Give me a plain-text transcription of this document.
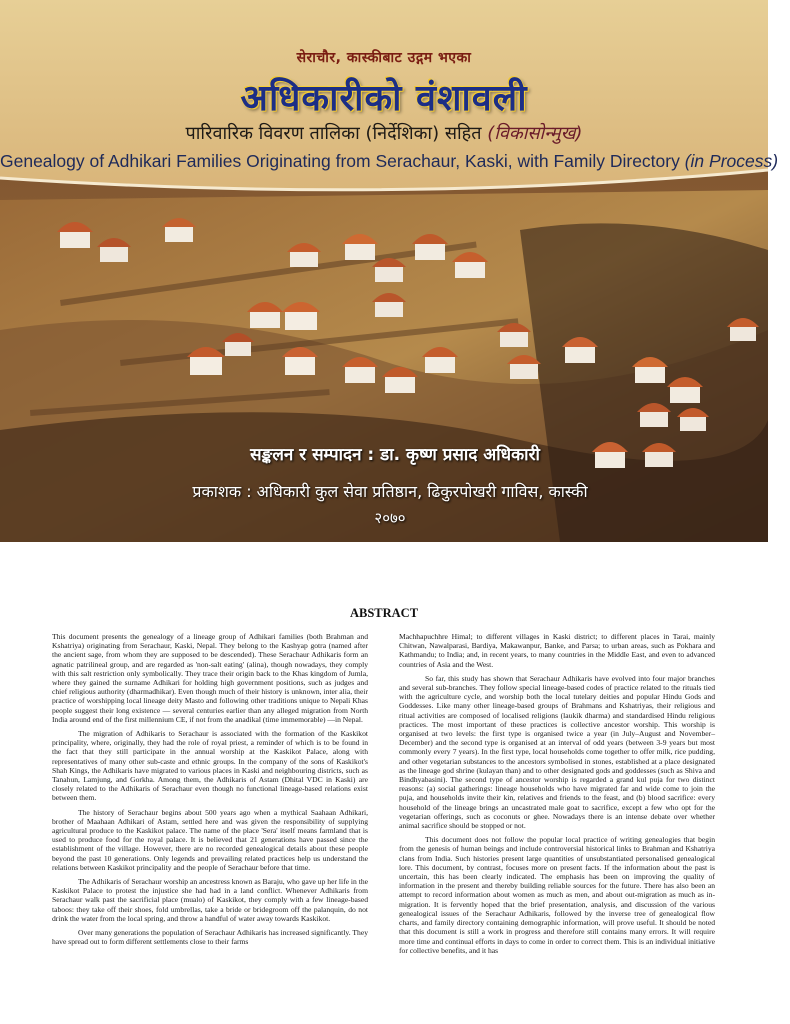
सेराचौर, कास्कीबाट उद्गम भएका
अधिकारीको वंशावली
पारिवारिक विवरण तालिका (निर्देशिका) सहित (विकासोन्मुख)
Genealogy of Adhikari Families Originating from Serachaur, Kaski, with Family Directory (in Process)
सङ्कलन र सम्पादन : डा. कृष्ण प्रसाद अधिकारी
प्रकाशक : अधिकारी कुल सेवा प्रतिष्ठान, ढिकुरपोखरी गाविस, कास्की
२०७०
ABSTRACT

This document presents the genealogy of a lineage group of Adhikari families (both Brahman and Kshatriya) originating from Serachaur, Kaski, Nepal. They belong to the Kashyap gotra (named after the ancient sage, from whom they are supposed to be descended). These Serachaur Adhikaris form an agnatic patrilineal group, and are regarded as 'non-salt eating' (alina), though nowadays, they comply with this salt restriction only symbolically. They trace their origin back to the Khas kingdom of Jumla, where they gained the surname Adhikari for holding high government positions, such as judges and chief religious authority (dharmadhikar). Even though much of their history is unknown, inter alia, their practice of worshipping local lineage deity Masto and following other traditions unique to Nepali Khas people suggest their long existence — several centuries earlier than any alleged migration from North India around end of the first millennium CE, if not from the anadikal (time immemorable) —in Nepal.

The migration of Adhikaris to Serachaur is associated with the formation of the Kaskikot principality, where, originally, they had the role of royal priest, a reminder of which is to be found in the fact that they still participate in the annual worship at the Kaskikot Palace, along with representatives of many other sub-caste and ethnic groups. In the company of the sons of Kaskikot's Shah Kings, the Adhikaris have migrated to various places in Kaski and neighbouring districts, such as Tanahun, Lamjung, and Gorkha. Among them, the Adhikaris of Astam (Dhital VDC in Kaski) are closely related to the Adhikaris of Serachaur even though no functional lineage-based relations exist between them.

The history of Serachaur begins about 500 years ago when a mythical Saahaan Adhikari, brother of Maahaan Adhikari of Astam, settled here and was given the responsibility of supplying agricultural produce to the Kaskikot palace. The name of the place 'Sera' itself means farmland that is used to produce food for the royal palace. It is believed that 21 generations have passed since the establishment of the village. However, there are no recorded genealogical details about these people beyond the past 10 generations. Only legends and prevailing related practices help us understand the relations between Kaskikot principality and the people of Serachaur before that time.

The Adhikaris of Serachaur worship an ancestress known as Baraju, who gave up her life in the Kaskikot Palace to protest the injustice she had had in a land conflict. Whenever Adhikaris from Serachaur walk past the sacrificial place (mualo) of Kaskikot, they comply with a few lineage-based taboos: they take off their shoes, fold umbrellas, take a bride or bridegroom off the palanquin, do not drink the water from the local spring, and throw a handful of water away towards Kaskikot.

Over many generations the population of Serachaur Adhikaris has increased significantly. They have spread out to form different settlements close to their farms

Machhapuchhre Himal; to different villages in Kaski district; to different places in Tarai, mainly Chitwan, Nawalparasi, Bardiya, Makawanpur, Banke, and Parsa; to urban areas, such as Pokhara and Kathmandu; to India; and, in recent years, to many countries in the Middle East, and even to advanced countries of Asia and the West.

So far, this study has shown that Serachaur Adhikaris have evolved into four major branches and several sub-branches. They follow special lineage-based codes of practice related to the rituals tied with the agriculture cycle, and worship both the local tutelary deities and popular Hindu Gods and Goddesses. Like many other lineage-based groups of Brahmans and Kshatriyas, their religious and ritual activities are composed of localised religions (laukik dharma) and standardised Hindu religious practices. The most important of these practices is collective ancestor worship. This worship is organised at two levels: the first type is organised twice a year (in July–August and November–December) and the second type is organised at an interval of odd years (between 3-9 years but most commonly every 7 years). In the first type, local households come together to offer milk, rice pudding, and other vegetarian substances to the ancestors symbolised in stones, established at a place designated as the lineage god shrine (kulayan than) and to other designated gods and goddesses (such as Shiva and Bindhyabasini). The second type of ancestor worship is regarded a grand kul puja for two distinct reasons: (a) social gatherings: lineage households who have migrated far and wide come to join the puja, and households invite their kin, relatives and friends to the feast, and (b) blood sacrifice: every household of the lineage brings an uncastrated male goat to sacrifice, except a few who opt for the vegetarian offerings, such as coconuts or ghee. Nowadays there is an intense debate over whether animal sacrifice should be stopped or not.

This document does not follow the popular local practice of writing genealogies that begin from the genesis of human beings and include controversial historical links to Brahman and Kshatriya clans from India. Such histories present large quantities of unsubstantiated personalised genealogical lore. This document, by contrast, focuses more on present facts. If the information about the past is uncertain, this has been clearly indicated. The emphasis has been on improving the quality of information in the present and thereby building reliable sources for the future. There has also been an attempt to record information about women as much as men, and about out-migration as much as in-migration. It is fervently hoped that the brief presentation, analysis, and discussion of the various genealogical issues of the Serachaur Adhikaris, followed by the inverse tree of genealogical flow charts, and family directory containing demographic information, will prove useful. It should be noted that this document is still a work in progress and therefore still contains many errors. It will require more time and continual efforts in days to come in order to correct them. This is an individual initiative for collective benefits, and it has
